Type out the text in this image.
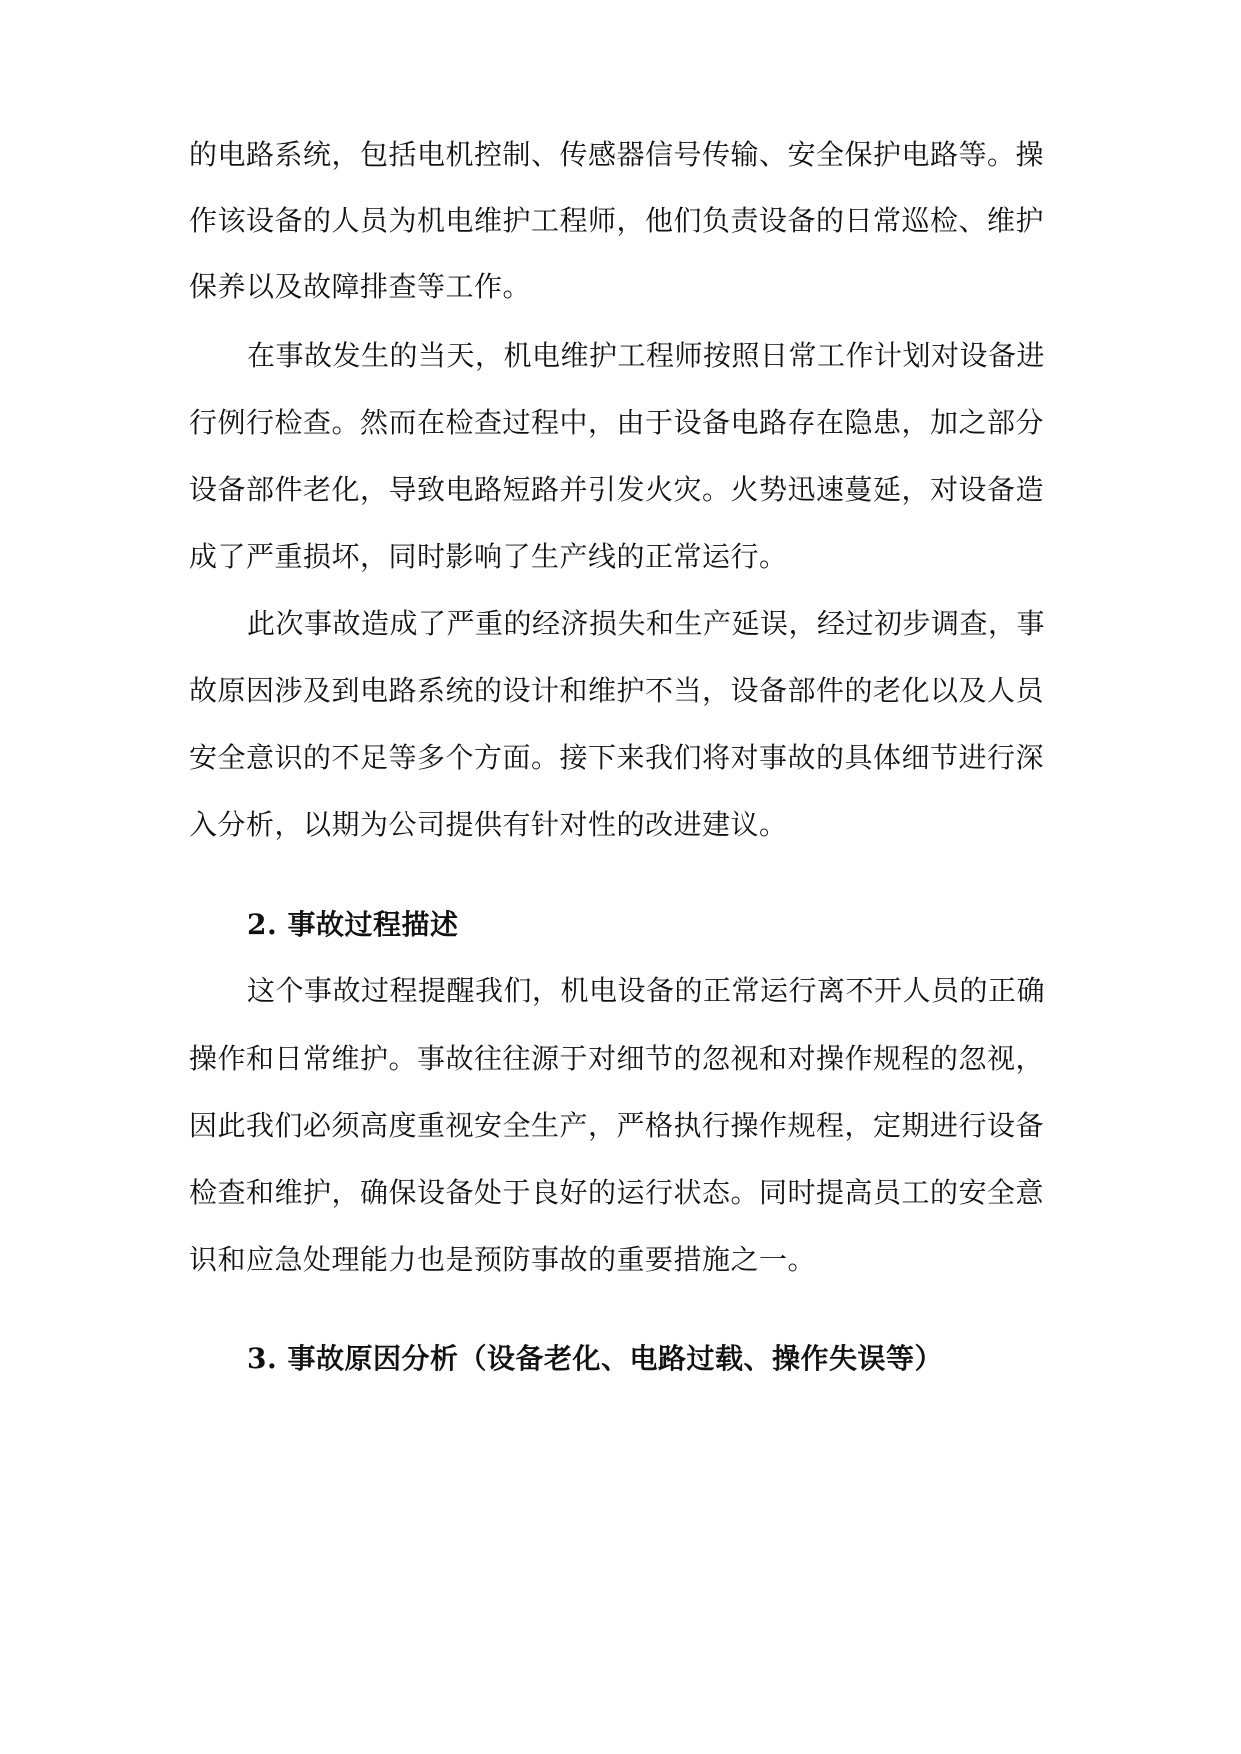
的电路系统，包括电机控制、传感器信号传输、安全保护电路等。操
作该设备的人员为机电维护工程师，他们负责设备的日常巡检、维护
保养以及故障排查等工作。
在事故发生的当天，机电维护工程师按照日常工作计划对设备进
行例行检查。然而在检查过程中，由于设备电路存在隐患，加之部分
设备部件老化，导致电路短路并引发火灾。火势迅速蔓延，对设备造
成了严重损坏，同时影响了生产线的正常运行。
此次事故造成了严重的经济损失和生产延误，经过初步调查，事
故原因涉及到电路系统的设计和维护不当，设备部件的老化以及人员
安全意识的不足等多个方面。接下来我们将对事故的具体细节进行深
入分析，以期为公司提供有针对性的改进建议。
2. 事故过程描述
这个事故过程提醒我们，机电设备的正常运行离不开人员的正确
操作和日常维护。事故往往源于对细节的忽视和对操作规程的忽视，
因此我们必须高度重视安全生产，严格执行操作规程，定期进行设备
检查和维护，确保设备处于良好的运行状态。同时提高员工的安全意
识和应急处理能力也是预防事故的重要措施之一。
3. 事故原因分析（设备老化、电路过载、操作失误等）
